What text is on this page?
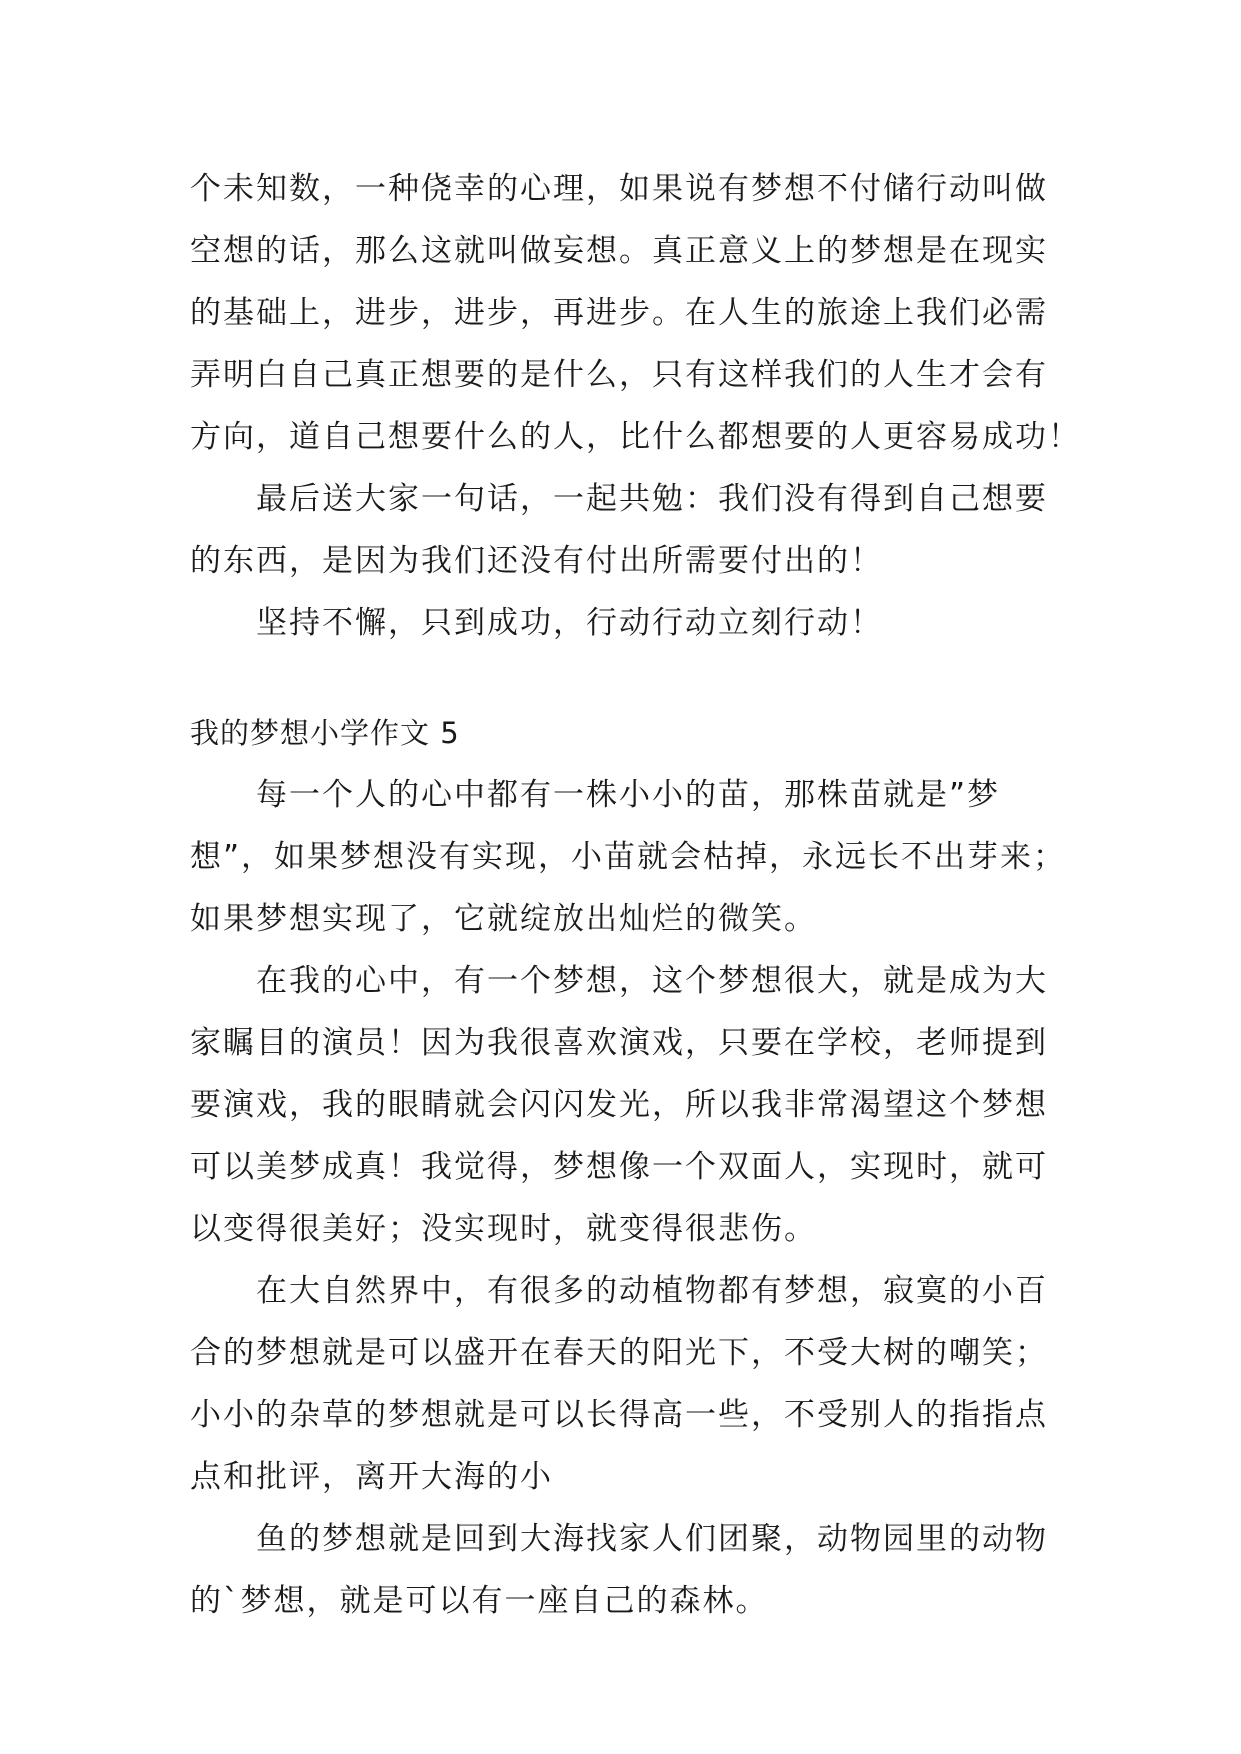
个未知数，一种侥幸的心理，如果说有梦想不付储行动叫做
空想的话，那么这就叫做妄想。真正意义上的梦想是在现实
的基础上，进步，进步，再进步。在人生的旅途上我们必需
弄明白自己真正想要的是什么，只有这样我们的人生才会有
方向，道自己想要什么的人，比什么都想要的人更容易成功！
最后送大家一句话，一起共勉：我们没有得到自己想要
的东西，是因为我们还没有付出所需要付出的！
坚持不懈，只到成功，行动行动立刻行动！
我的梦想小学作文 5
每一个人的心中都有一株小小的苗，那株苗就是”梦
想”，如果梦想没有实现，小苗就会枯掉，永远长不出芽来；
如果梦想实现了，它就绽放出灿烂的微笑。
在我的心中，有一个梦想，这个梦想很大，就是成为大
家瞩目的演员！因为我很喜欢演戏，只要在学校，老师提到
要演戏，我的眼睛就会闪闪发光，所以我非常渴望这个梦想
可以美梦成真！我觉得，梦想像一个双面人，实现时，就可
以变得很美好；没实现时，就变得很悲伤。
在大自然界中，有很多的动植物都有梦想，寂寞的小百
合的梦想就是可以盛开在春天的阳光下，不受大树的嘲笑；
小小的杂草的梦想就是可以长得高一些，不受别人的指指点
点和批评，离开大海的小
鱼的梦想就是回到大海找家人们团聚，动物园里的动物
的`梦想，就是可以有一座自己的森林。
